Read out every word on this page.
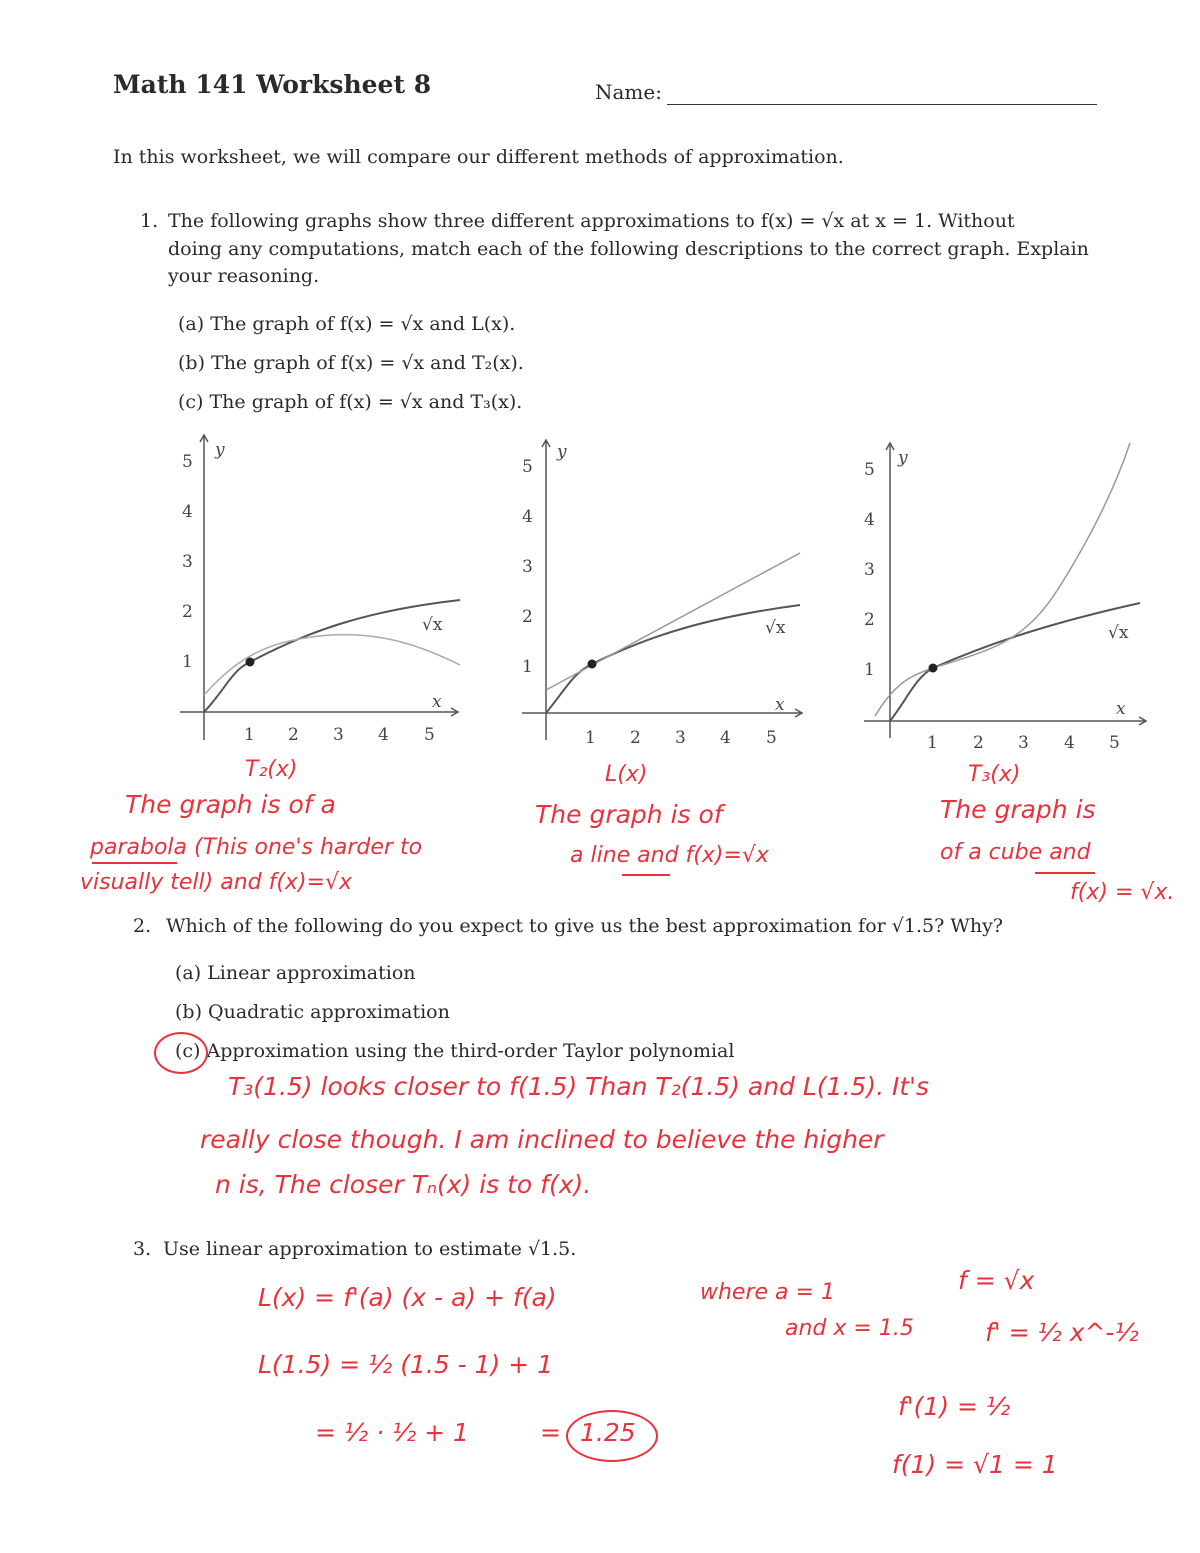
Math 141 Worksheet 8	Name:
In this worksheet, we will compare our different methods of approximation.
1. The following graphs show three different approximations to f(x) = √x at x = 1. Without
doing any computations, match each of the following descriptions to the correct graph. Explain
your reasoning.
(a) The graph of f(x) = √x and L(x).
(b) The graph of f(x) = √x and T₂(x).
(c) The graph of f(x) = √x and T₃(x).
5
4
3
2
1
1 2 3 4 5
y
x
√x
5
4
3
2
1
1 2 3 4 5
y
x
√x
5
4
3
2
1
1 2 3 4 5
y
x
√x
T₂(x)
The graph is of a
parabola (This one's harder to
visually tell) and f(x)=√x
L(x)
The graph is of
a line and f(x)=√x
T₃(x)
The graph is
of a cube and
f(x) = √x.
2. Which of the following do you expect to give us the best approximation for √1.5? Why?
(a) Linear approximation
(b) Quadratic approximation
(c) Approximation using the third-order Taylor polynomial
T₃(1.5) looks closer to f(1.5) Than T₂(1.5) and L(1.5). It's
really close though. I am inclined to believe the higher
n is, The closer Tₙ(x) is to f(x).
3. Use linear approximation to estimate √1.5.
L(x) = f'(a) (x - a) + f(a)
L(1.5) = ½ (1.5 - 1) + 1
= ½ · ½ + 1	= 1.25
where a = 1
and x = 1.5
f = √x
f' = ½ x^-½
f'(1) = ½
f(1) = √1 = 1
